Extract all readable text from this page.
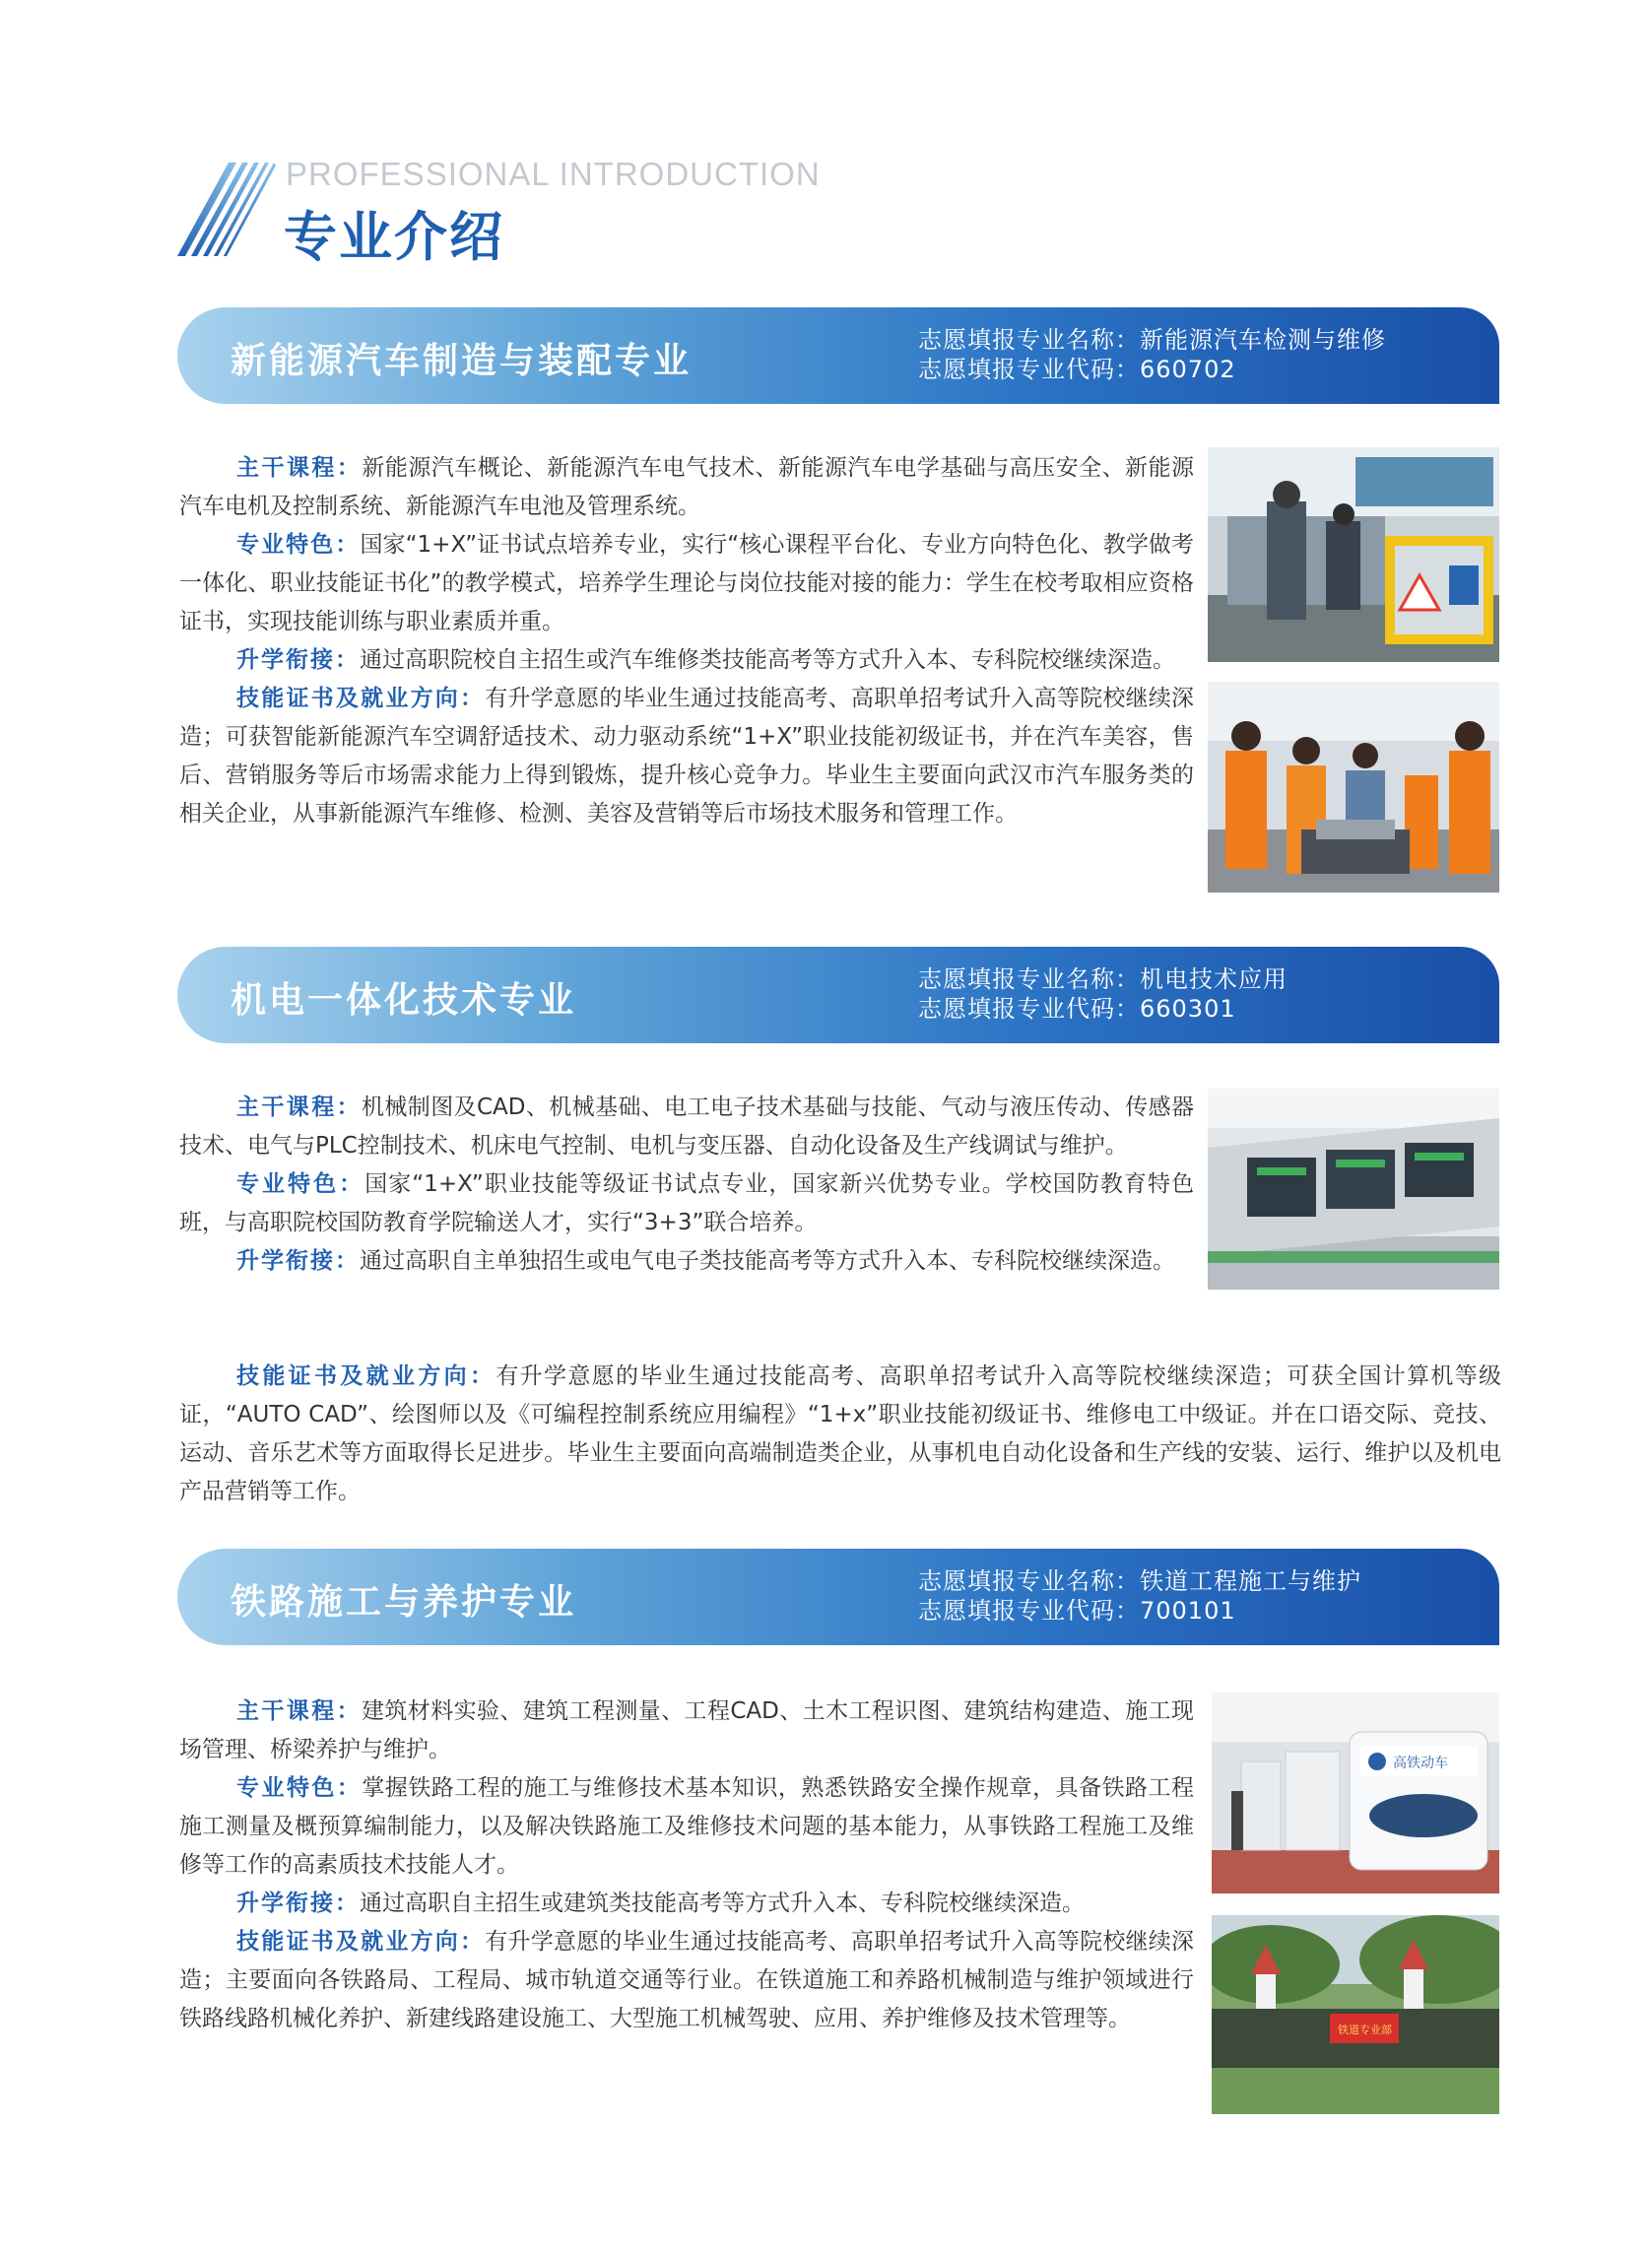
PROFESSIONAL INTRODUCTION
专业介绍
新能源汽车制造与装配专业
志愿填报专业名称：新能源汽车检测与维修
志愿填报专业代码：660702

主干课程：新能源汽车概论、新能源汽车电气技术、新能源汽车电学基础与高压安全、新能源汽车电机及控制系统、新能源汽车电池及管理系统。

专业特色：国家“1+X”证书试点培养专业，实行“核心课程平台化、专业方向特色化、教学做考一体化、职业技能证书化”的教学模式，培养学生理论与岗位技能对接的能力：学生在校考取相应资格证书，实现技能训练与职业素质并重。

升学衔接：通过高职院校自主招生或汽车维修类技能高考等方式升入本、专科院校继续深造。

技能证书及就业方向：有升学意愿的毕业生通过技能高考、高职单招考试升入高等院校继续深造；可获智能新能源汽车空调舒适技术、动力驱动系统“1+X”职业技能初级证书，并在汽车美容，售后、营销服务等后市场需求能力上得到锻炼，提升核心竞争力。毕业生主要面向武汉市汽车服务类的相关企业，从事新能源汽车维修、检测、美容及营销等后市场技术服务和管理工作。

机电一体化技术专业
志愿填报专业名称：机电技术应用
志愿填报专业代码：660301

主干课程：机械制图及CAD、机械基础、电工电子技术基础与技能、气动与液压传动、传感器技术、电气与PLC控制技术、机床电气控制、电机与变压器、自动化设备及生产线调试与维护。

专业特色：国家“1+X”职业技能等级证书试点专业，国家新兴优势专业。学校国防教育特色班，与高职院校国防教育学院输送人才，实行“3+3”联合培养。

升学衔接：通过高职自主单独招生或电气电子类技能高考等方式升入本、专科院校继续深造。

技能证书及就业方向：有升学意愿的毕业生通过技能高考、高职单招考试升入高等院校继续深造；可获全国计算机等级证，“AUTO CAD”、绘图师以及《可编程控制系统应用编程》“1+x”职业技能初级证书、维修电工中级证。并在口语交际、竞技、运动、音乐艺术等方面取得长足进步。毕业生主要面向高端制造类企业，从事机电自动化设备和生产线的安装、运行、维护以及机电产品营销等工作。

铁路施工与养护专业
志愿填报专业名称：铁道工程施工与维护
志愿填报专业代码：700101

主干课程：建筑材料实验、建筑工程测量、工程CAD、土木工程识图、建筑结构建造、施工现场管理、桥梁养护与维护。

专业特色：掌握铁路工程的施工与维修技术基本知识，熟悉铁路安全操作规章，具备铁路工程施工测量及概预算编制能力，以及解决铁路施工及维修技术问题的基本能力，从事铁路工程施工及维修等工作的高素质技术技能人才。

升学衔接：通过高职自主招生或建筑类技能高考等方式升入本、专科院校继续深造。

技能证书及就业方向：有升学意愿的毕业生通过技能高考、高职单招考试升入高等院校继续深造；主要面向各铁路局、工程局、城市轨道交通等行业。在铁道施工和养路机械制造与维护领域进行铁路线路机械化养护、新建线路建设施工、大型施工机械驾驶、应用、养护维修及技术管理等。

高铁动车
铁道专业部
